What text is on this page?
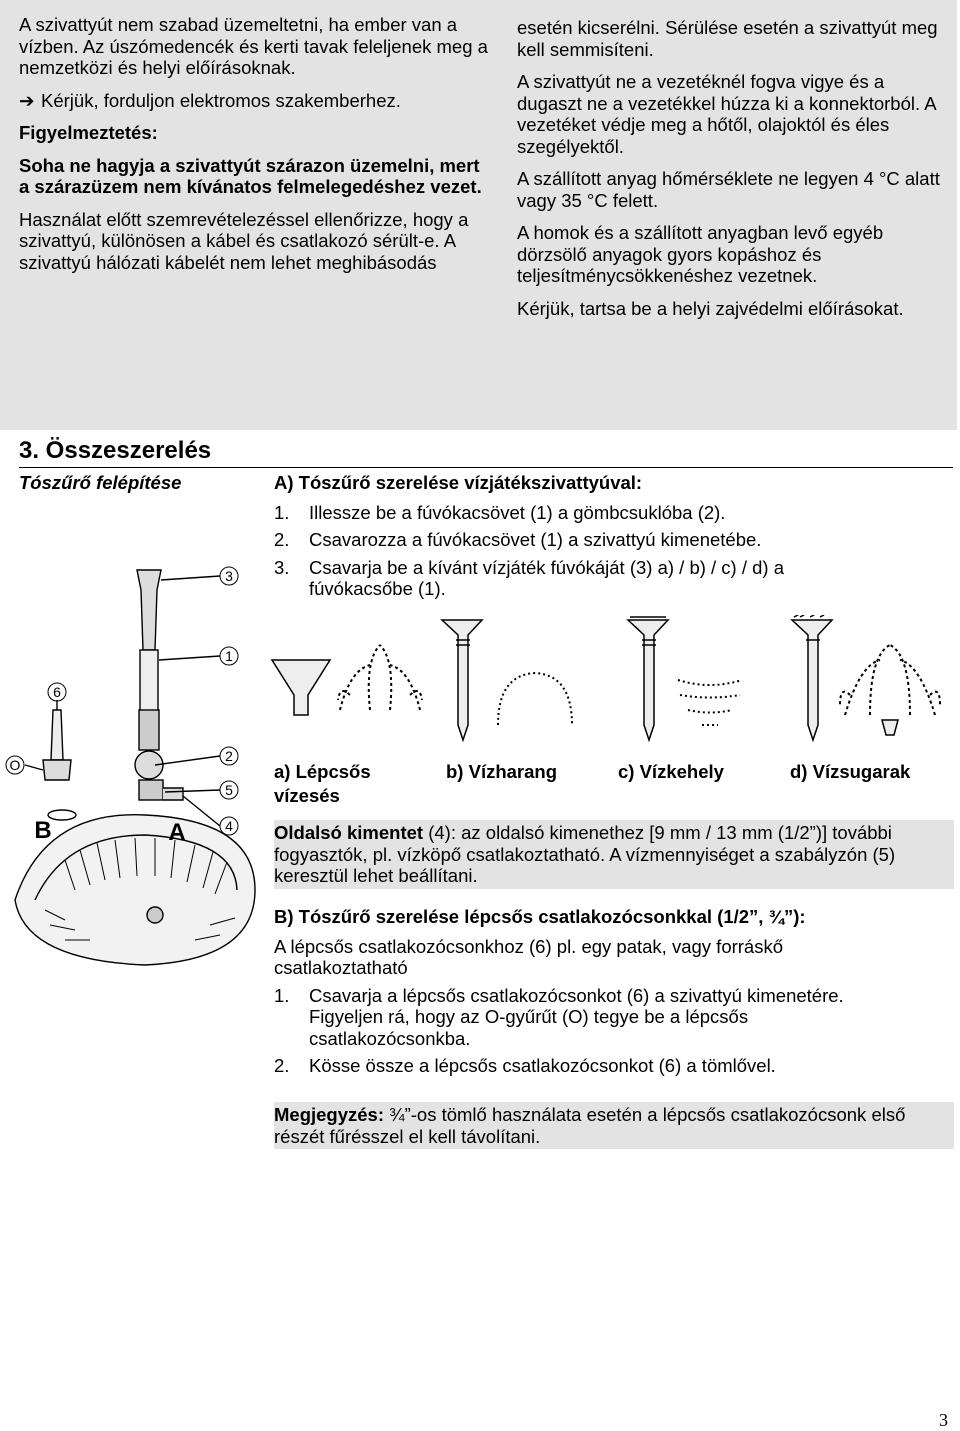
A szivattyút nem szabad üzemeltetni, ha ember van a vízben. Az úszómedencék és kerti tavak feleljenek meg a nemzetközi és helyi előírásoknak.

➔ Kérjük, forduljon elektromos szakemberhez.

Figyelmeztetés:

Soha ne hagyja a szivattyút szárazon üzemelni, mert a szárazüzem nem kívánatos felmelegedéshez vezet.

Használat előtt szemrevételezéssel ellenőrizze, hogy a szivattyú, különösen a kábel és csatlakozó sérült-e. A szivattyú hálózati kábelét nem lehet meghibásodás

esetén kicserélni. Sérülése esetén a szivattyút meg kell semmisíteni.

A szivattyút ne a vezetéknél fogva vigye és a dugaszt ne a vezetékkel húzza ki a konnektorból. A vezetéket védje meg a hőtől, olajoktól és éles szegélyektől.

A szállított anyag hőmérséklete ne legyen 4 °C alatt vagy 35 °C felett.

A homok és a szállított anyagban levő egyéb dörzsölő anyagok gyors kopáshoz és teljesítménycsökkenéshez vezetnek.

Kérjük, tartsa be a helyi zajvédelmi előírásokat.

3. Összeszerelés
Tószűrő felépítése	A) Tószűrő szerelése vízjátékszivattyúval:
1.	Illessze be a fúvókacsövet (1) a gömbcsuklóba (2).
2.	Csavarozza a fúvókacsövet (1) a szivattyú kimenetébe.
3.	Csavarja be a kívánt vízjáték fúvókáját (3) a) / b) / c) / d) a fúvókacsőbe (1).
a) Lépcsős vízesés
b) Vízharang	c) Vízkehely	d) Vízsugarak
Oldalsó kimentet (4): az oldalsó kimenethez [9 mm / 13 mm (1/2”)] további fogyasztók, pl. vízköpő csatlakoztatható. A vízmennyiséget a szabályzón (5) keresztül lehet beállítani.
B) Tószűrő szerelése lépcsős csatlakozócsonkkal (1/2”, ¾”):
A lépcsős csatlakozócsonkhoz (6) pl. egy patak, vagy forráskő csatlakoztatható
1.	Csavarja a lépcsős csatlakozócsonkot (6) a szivattyú kimenetére. Figyeljen rá, hogy az O-gyűrűt (O) tegye be a lépcsős csatlakozócsonkba.
2.	Kösse össze a lépcsős csatlakozócsonkot (6) a tömlővel.
Megjegyzés: ¾”-os tömlő használata esetén a lépcsős csatlakozócsonk első részét fűrésszel el kell távolítani.
3
1
6
O
2
5
4
B	A
3
